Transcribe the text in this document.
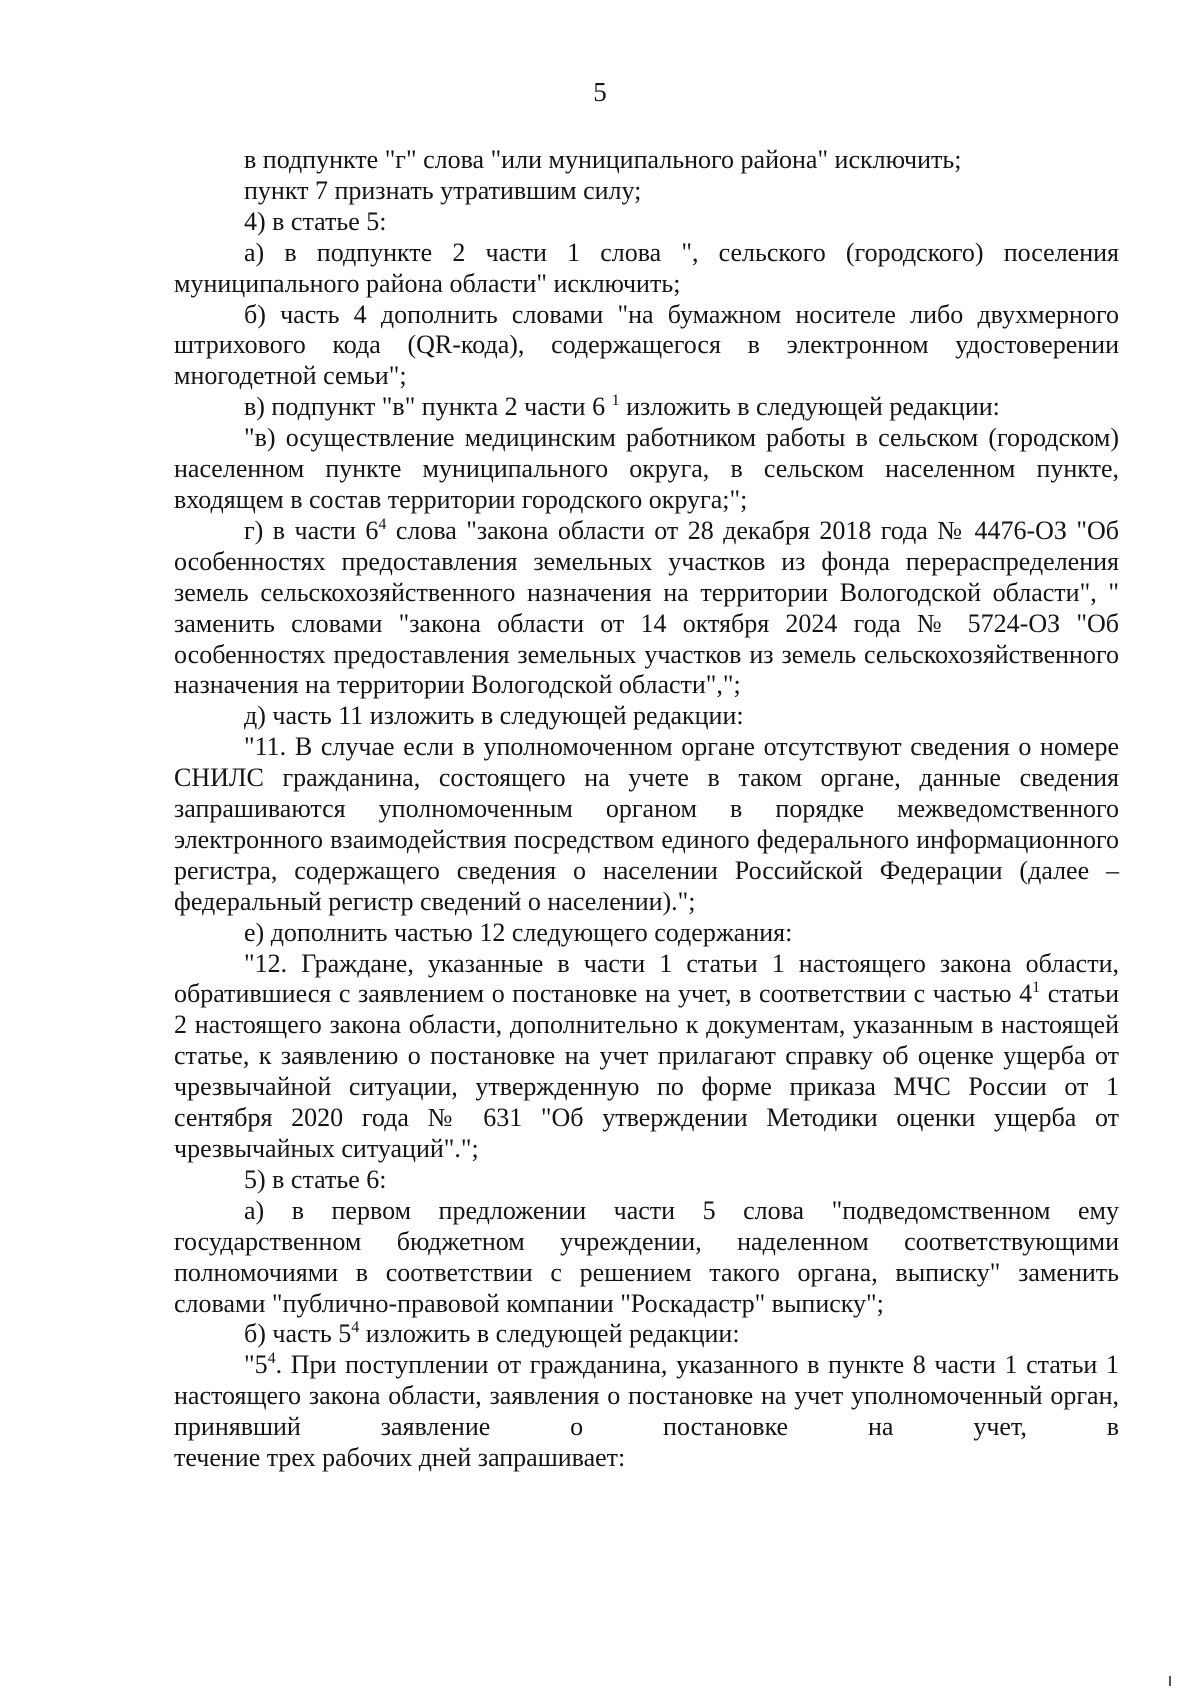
5

в подпункте "г" слова "или муниципального района" исключить;

пункт 7 признать утратившим силу;

4) в статье 5:

а) в подпункте 2 части 1 слова ", сельского (городского) поселения муниципального района области" исключить;

б) часть 4 дополнить словами "на бумажном носителе либо двухмерного штрихового кода (QR-кода), содержащегося в электронном удостоверении многодетной семьи";

в) подпункт "в" пункта 2 части 6 $^1$ изложить в следующей редакции:

"в) осуществление медицинским работником работы в сельском (городском) населенном пункте муниципального округа, в сельском населенном пункте, входящем в состав территории городского округа;";

г) в части $6^4$ слова "закона области от 28 декабря 2018 года № 4476-ОЗ "Об особенностях предоставления земельных участков из фонда перераспределения земель сельскохозяйственного назначения на территории Вологодской области", " заменить словами "закона области от 14 октября 2024 года № 5724-ОЗ "Об особенностях предоставления земельных участков из земель сельскохозяйственного назначения на территории Вологодской области",";

д) часть 11 изложить в следующей редакции:

"11. В случае если в уполномоченном органе отсутствуют сведения о номере СНИЛС гражданина, состоящего на учете в таком органе, данные сведения запрашиваются уполномоченным органом в порядке межведомственного электронного взаимодействия посредством единого федерального информационного регистра, содержащего сведения о населении Российской Федерации (далее – федеральный регистр сведений о населении).";

е) дополнить частью 12 следующего содержания:

"12. Граждане, указанные в части 1 статьи 1 настоящего закона области, обратившиеся с заявлением о постановке на учет, в соответствии с частью $4^1$ статьи 2 настоящего закона области, дополнительно к документам, указанным в настоящей статье, к заявлению о постановке на учет прилагают справку об оценке ущерба от чрезвычайной ситуации, утвержденную по форме приказа МЧС России от 1 сентября 2020 года № 631 "Об утверждении Методики оценки ущерба от чрезвычайных ситуаций".";

5) в статье 6:

а) в первом предложении части 5 слова "подведомственном ему государственном бюджетном учреждении, наделенном соответствующими полномочиями в соответствии с решением такого органа, выписку" заменить словами "публично-правовой компании "Роскадастр" выписку";

б) часть $5^4$ изложить в следующей редакции:

"$5^4$. При поступлении от гражданина, указанного в пункте 8 части 1 статьи 1 настоящего закона области, заявления о постановке на учет уполномоченный орган, принявший заявление о постановке на учет, в

течение трех рабочих дней запрашивает:
